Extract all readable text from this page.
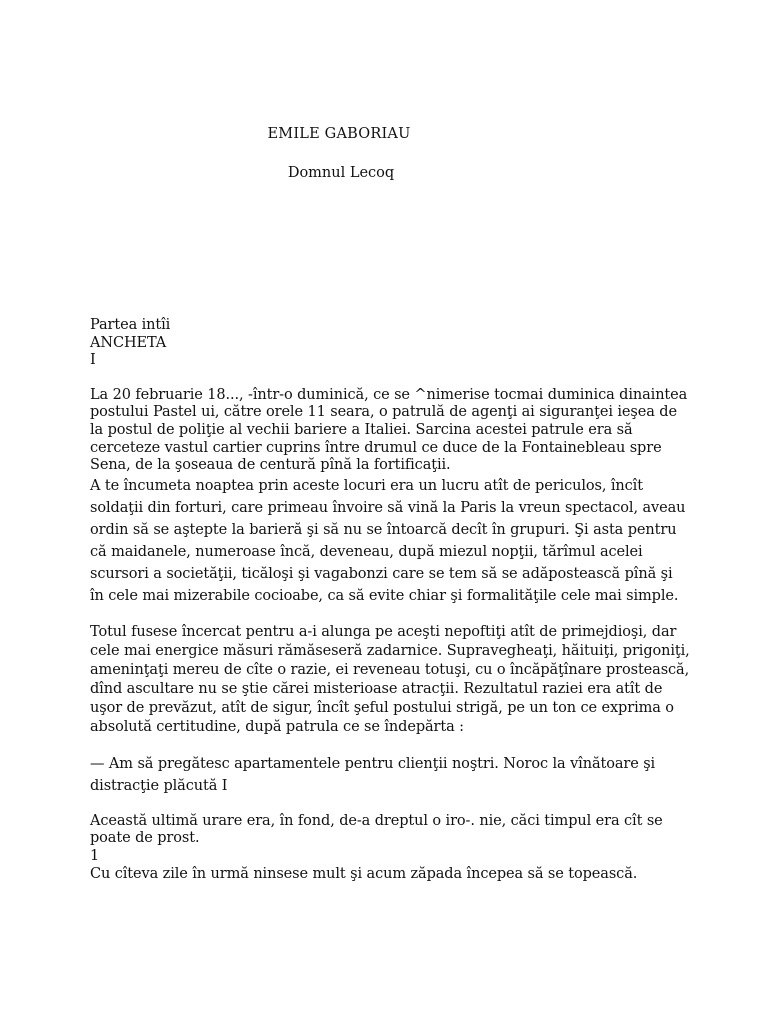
EMILE GABORIAU
Domnul Lecoq
Partea intîi
ANCHETA
I

La 20 februarie 18..., -într-o duminică, ce se ^nimerise tocmai duminica dinaintea postului Pastel ui, către orele 11 seara, o patrulă de agenţi ai siguranţei ieşea de la postul de poliţie al vechii bariere a Italiei. Sarcina acestei patrule era să cerceteze vastul cartier cuprins între drumul ce duce de la Fontainebleau spre Sena, de la şoseaua de centură pînă la fortificaţii.

A te încumeta noaptea prin aceste locuri era un lucru atît de periculos, încît soldaţii din forturi, care primeau învoire să vină la Paris la vreun spectacol, aveau ordin să se aştepte la barieră şi să nu se întoarcă decît în grupuri. Şi asta pentru că maidanele, numeroase încă, deveneau, după miezul nopţii, tărîmul acelei scursori a societăţii, ticăloşi şi vagabonzi care se tem să se adăpostească pînă şi în cele mai mizerabile cocioabe, ca să evite chiar şi formalităţile cele mai simple.

Totul fusese încercat pentru a-i alunga pe aceşti nepoftiţi atît de primejdioşi, dar cele mai energice măsuri rămăseseră zadarnice. Supravegheaţi, hăituiţi, prigoniţi, ameninţaţi mereu de cîte o razie, ei reveneau totuşi, cu o încăpăţînare prostească, dînd ascultare nu se ştie cărei misterioase atracţii. Rezultatul raziei era atît de uşor de prevăzut, atît de sigur, încît şeful postului strigă, pe un ton ce exprima o absolută certitudine, după patrula ce se îndepărta :

— Am să pregătesc apartamentele pentru clienţii noştri. Noroc la vînătoare şi distracţie plăcută I

Această ultimă urare era, în fond, de-a dreptul o iro-. nie, căci timpul era cît se poate de prost.

1

Cu cîteva zile în urmă ninsese mult şi acum zăpada începea să se topească.
